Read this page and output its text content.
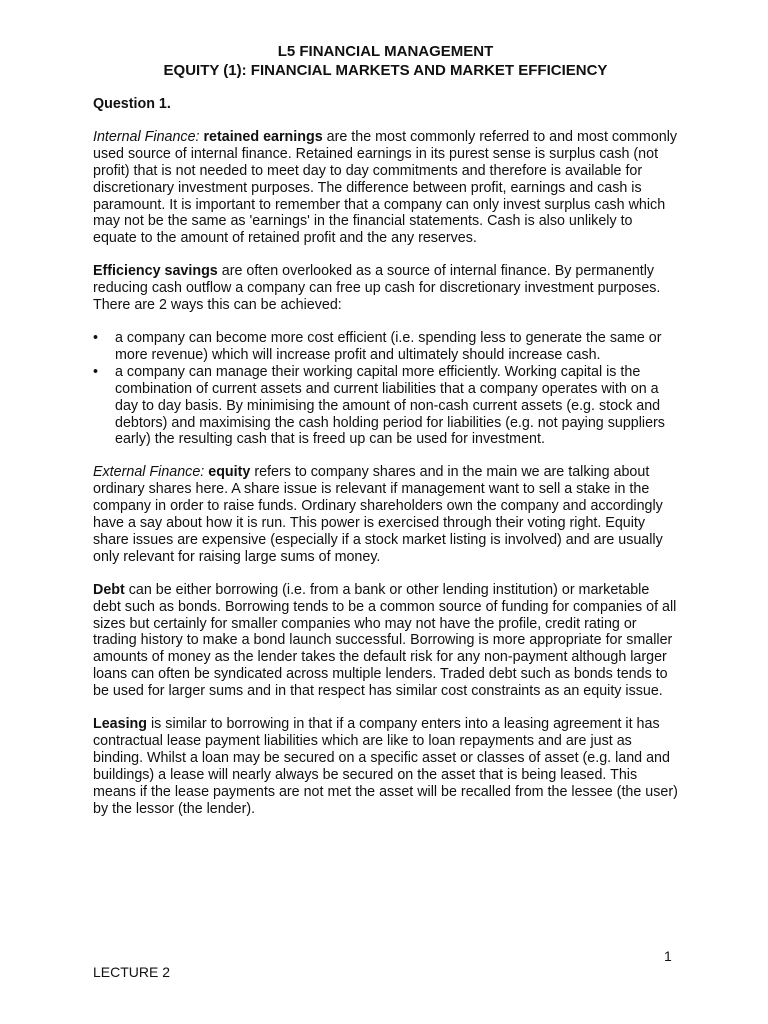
L5 FINANCIAL MANAGEMENT
EQUITY (1): FINANCIAL MARKETS AND MARKET EFFICIENCY
Question 1.

Internal Finance: retained earnings are the most commonly referred to and most commonly used source of internal finance. Retained earnings in its purest sense is surplus cash (not profit) that is not needed to meet day to day commitments and therefore is available for discretionary investment purposes. The difference between profit, earnings and cash is paramount. It is important to remember that a company can only invest surplus cash which may not be the same as 'earnings' in the financial statements. Cash is also unlikely to equate to the amount of retained profit and the any reserves.

Efficiency savings are often overlooked as a source of internal finance. By permanently reducing cash outflow a company can free up cash for discretionary investment purposes. There are 2 ways this can be achieved:

• a company can become more cost efficient (i.e. spending less to generate the same or more revenue) which will increase profit and ultimately should increase cash.
• a company can manage their working capital more efficiently. Working capital is the combination of current assets and current liabilities that a company operates with on a day to day basis. By minimising the amount of non-cash current assets (e.g. stock and debtors) and maximising the cash holding period for liabilities (e.g. not paying suppliers early) the resulting cash that is freed up can be used for investment.

External Finance: equity refers to company shares and in the main we are talking about ordinary shares here. A share issue is relevant if management want to sell a stake in the company in order to raise funds. Ordinary shareholders own the company and accordingly have a say about how it is run. This power is exercised through their voting right. Equity share issues are expensive (especially if a stock market listing is involved) and are usually only relevant for raising large sums of money.

Debt can be either borrowing (i.e. from a bank or other lending institution) or marketable debt such as bonds. Borrowing tends to be a common source of funding for companies of all sizes but certainly for smaller companies who may not have the profile, credit rating or trading history to make a bond launch successful. Borrowing is more appropriate for smaller amounts of money as the lender takes the default risk for any non-payment although larger loans can often be syndicated across multiple lenders. Traded debt such as bonds tends to be used for larger sums and in that respect has similar cost constraints as an equity issue.

Leasing is similar to borrowing in that if a company enters into a leasing agreement it has contractual lease payment liabilities which are like to loan repayments and are just as binding. Whilst a loan may be secured on a specific asset or classes of asset (e.g. land and buildings) a lease will nearly always be secured on the asset that is being leased. This means if the lease payments are not met the asset will be recalled from the lessee (the user) by the lessor (the lender).

1
LECTURE 2
